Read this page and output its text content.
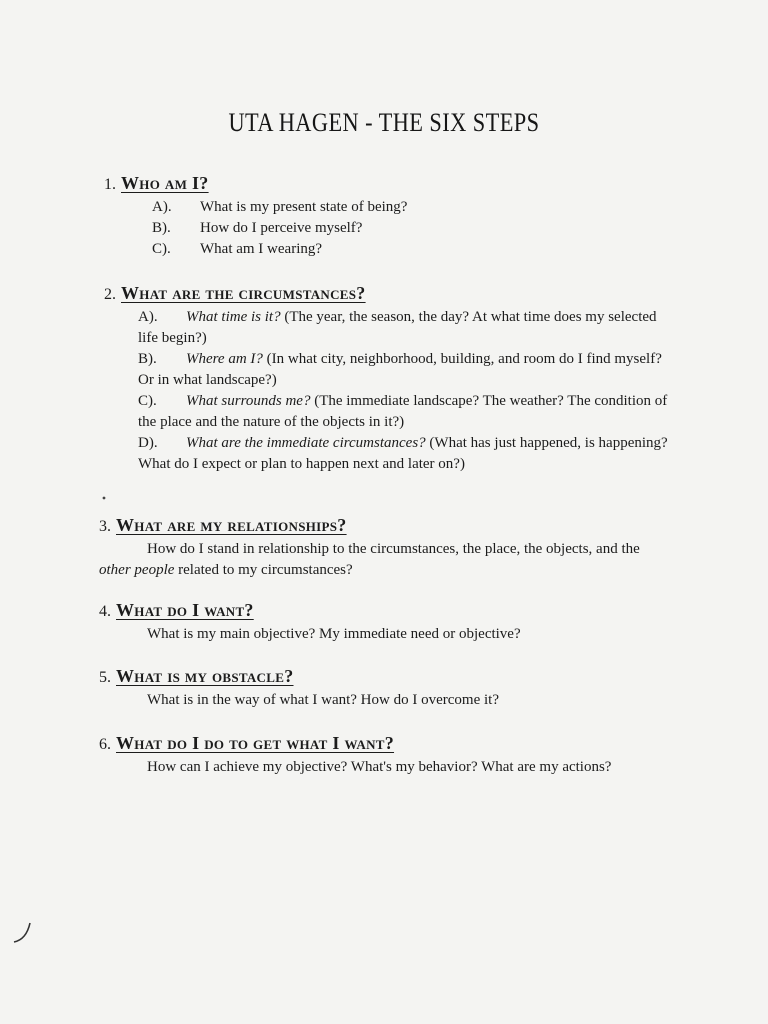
UTA HAGEN - THE SIX STEPS
1. Who am I?
A). What is my present state of being?
B). How do I perceive myself?
C). What am I wearing?
2. What are the circumstances?
A). What time is it? (The year, the season, the day? At what time does my selected life begin?)
B). Where am I? (In what city, neighborhood, building, and room do I find myself? Or in what landscape?)
C). What surrounds me? (The immediate landscape? The weather? The condition of the place and the nature of the objects in it?)
D). What are the immediate circumstances? (What has just happened, is happening? What do I expect or plan to happen next and later on?)
3. What are my relationships?
How do I stand in relationship to the circumstances, the place, the objects, and the other people related to my circumstances?
4. What do I want?
What is my main objective? My immediate need or objective?
5. What is my obstacle?
What is in the way of what I want? How do I overcome it?
6. What do I do to get what I want?
How can I achieve my objective? What's my behavior? What are my actions?
